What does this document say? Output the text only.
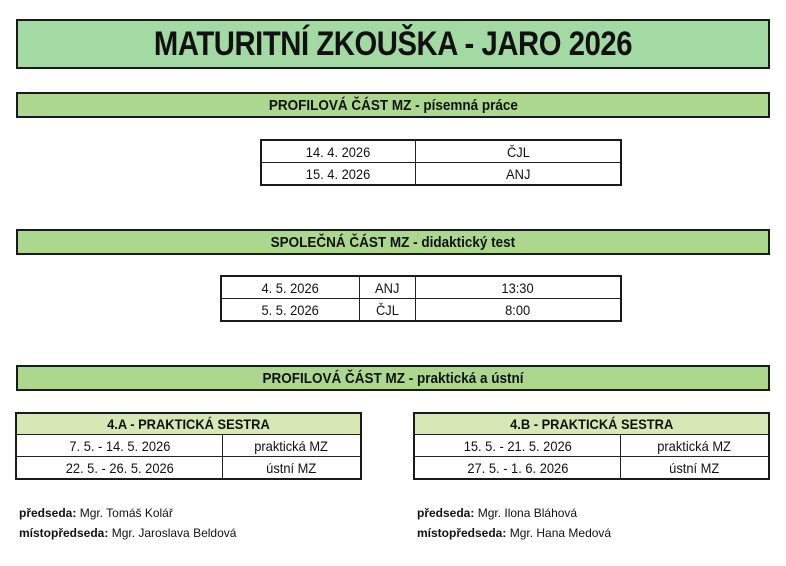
MATURITNÍ ZKOUŠKA - JARO 2026
PROFILOVÁ ČÁST MZ - písemná práce
14. 4. 2026	ČJL
15. 4. 2026	ANJ
SPOLEČNÁ ČÁST MZ - didaktický test
4. 5. 2026	ANJ	13:30
5. 5. 2026	ČJL	8:00
PROFILOVÁ ČÁST MZ - praktická a ústní
4.A - PRAKTICKÁ SESTRA	
7. 5. - 14. 5. 2026	praktická MZ
22. 5. - 26. 5. 2026	ústní MZ
4.B - PRAKTICKÁ SESTRA	
15. 5. - 21. 5. 2026	praktická MZ
27. 5. - 1. 6. 2026	ústní MZ
předseda: Mgr. Tomáš Kolář
místopředseda: Mgr. Jaroslava Beldová
předseda: Mgr. Ilona Bláhová
místopředseda: Mgr. Hana Medová
